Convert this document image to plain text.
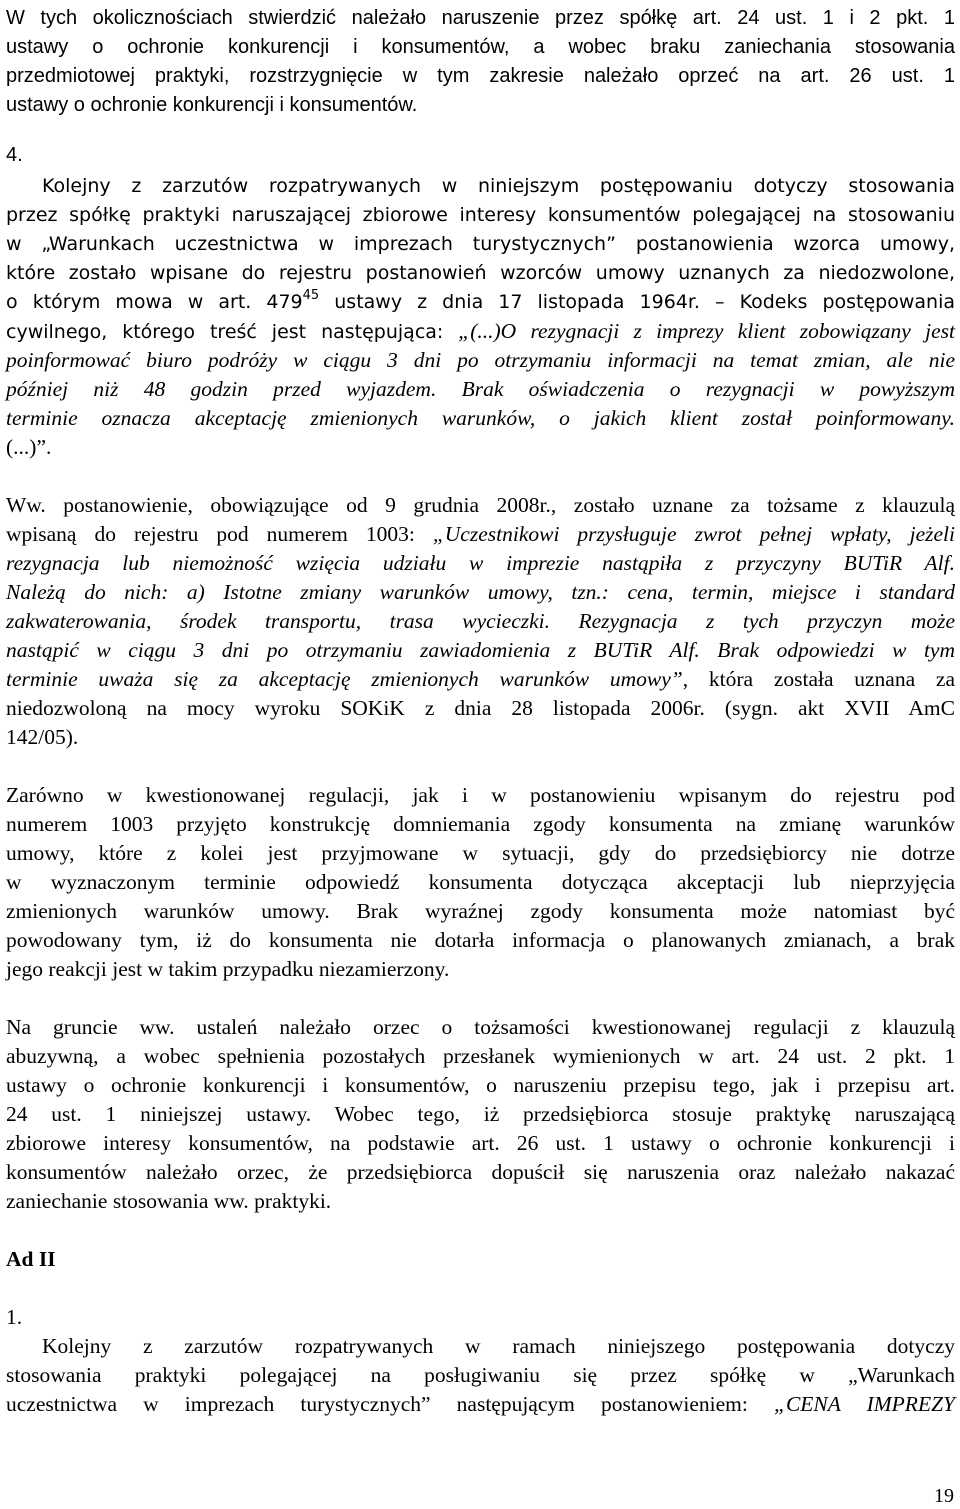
W tych okolicznościach stwierdzić należało naruszenie przez spółkę art. 24 ust. 1 i 2 pkt. 1
ustawy o ochronie konkurencji i konsumentów, a wobec braku zaniechania stosowania
przedmiotowej praktyki, rozstrzygnięcie w tym zakresie należało oprzeć na art. 26 ust. 1
ustawy o ochronie konkurencji i konsumentów.
4.
Kolejny z zarzutów rozpatrywanych w niniejszym postępowaniu dotyczy stosowania
przez spółkę praktyki naruszającej zbiorowe interesy konsumentów polegającej na stosowaniu
w „Warunkach uczestnictwa w imprezach turystycznych” postanowienia wzorca umowy,
które zostało wpisane do rejestru postanowień wzorców umowy uznanych za niedozwolone,
o którym mowa w art. $479^{45}$ ustawy z dnia 17 listopada 1964r. – Kodeks postępowania
cywilnego, którego treść jest następująca: „(...)O rezygnacji z imprezy klient zobowiązany jest
poinformować biuro podróży w ciągu 3 dni po otrzymaniu informacji na temat zmian, ale nie
później niż 48 godzin przed wyjazdem. Brak oświadczenia o rezygnacji w powyższym
terminie oznacza akceptację zmienionych warunków, o jakich klient został poinformowany.
(...)”.
Ww. postanowienie, obowiązujące od 9 grudnia 2008r., zostało uznane za tożsame z klauzulą
wpisaną do rejestru pod numerem 1003: „Uczestnikowi przysługuje zwrot pełnej wpłaty, jeżeli
rezygnacja lub niemożność wzięcia udziału w imprezie nastąpiła z przyczyny BUTiR Alf.
Należą do nich: a) Istotne zmiany warunków umowy, tzn.: cena, termin, miejsce i standard
zakwaterowania, środek transportu, trasa wycieczki. Rezygnacja z tych przyczyn może
nastąpić w ciągu 3 dni po otrzymaniu zawiadomienia z BUTiR Alf. Brak odpowiedzi w tym
terminie uważa się za akceptację zmienionych warunków umowy”, która została uznana za
niedozwoloną na mocy wyroku SOKiK z dnia 28 listopada 2006r. (sygn. akt XVII AmC
142/05).
Zarówno w kwestionowanej regulacji, jak i w postanowieniu wpisanym do rejestru pod
numerem 1003 przyjęto konstrukcję domniemania zgody konsumenta na zmianę warunków
umowy, które z kolei jest przyjmowane w sytuacji, gdy do przedsiębiorcy nie dotrze
w wyznaczonym terminie odpowiedź konsumenta dotycząca akceptacji lub nieprzyjęcia
zmienionych warunków umowy. Brak wyraźnej zgody konsumenta może natomiast być
powodowany tym, iż do konsumenta nie dotarła informacja o planowanych zmianach, a brak
jego reakcji jest w takim przypadku niezamierzony.
Na gruncie ww. ustaleń należało orzec o tożsamości kwestionowanej regulacji z klauzulą
abuzywną, a wobec spełnienia pozostałych przesłanek wymienionych w art. 24 ust. 2 pkt. 1
ustawy o ochronie konkurencji i konsumentów, o naruszeniu przepisu tego, jak i przepisu art.
24 ust. 1 niniejszej ustawy. Wobec tego, iż przedsiębiorca stosuje praktykę naruszającą
zbiorowe interesy konsumentów, na podstawie art. 26 ust. 1 ustawy o ochronie konkurencji i
konsumentów należało orzec, że przedsiębiorca dopuścił się naruszenia oraz należało nakazać
zaniechanie stosowania ww. praktyki.
Ad II
1.
Kolejny z zarzutów rozpatrywanych w ramach niniejszego postępowania dotyczy
stosowania praktyki polegającej na posługiwaniu się przez spółkę w „Warunkach
uczestnictwa w imprezach turystycznych” następującym postanowieniem: „CENA IMPREZY
19
